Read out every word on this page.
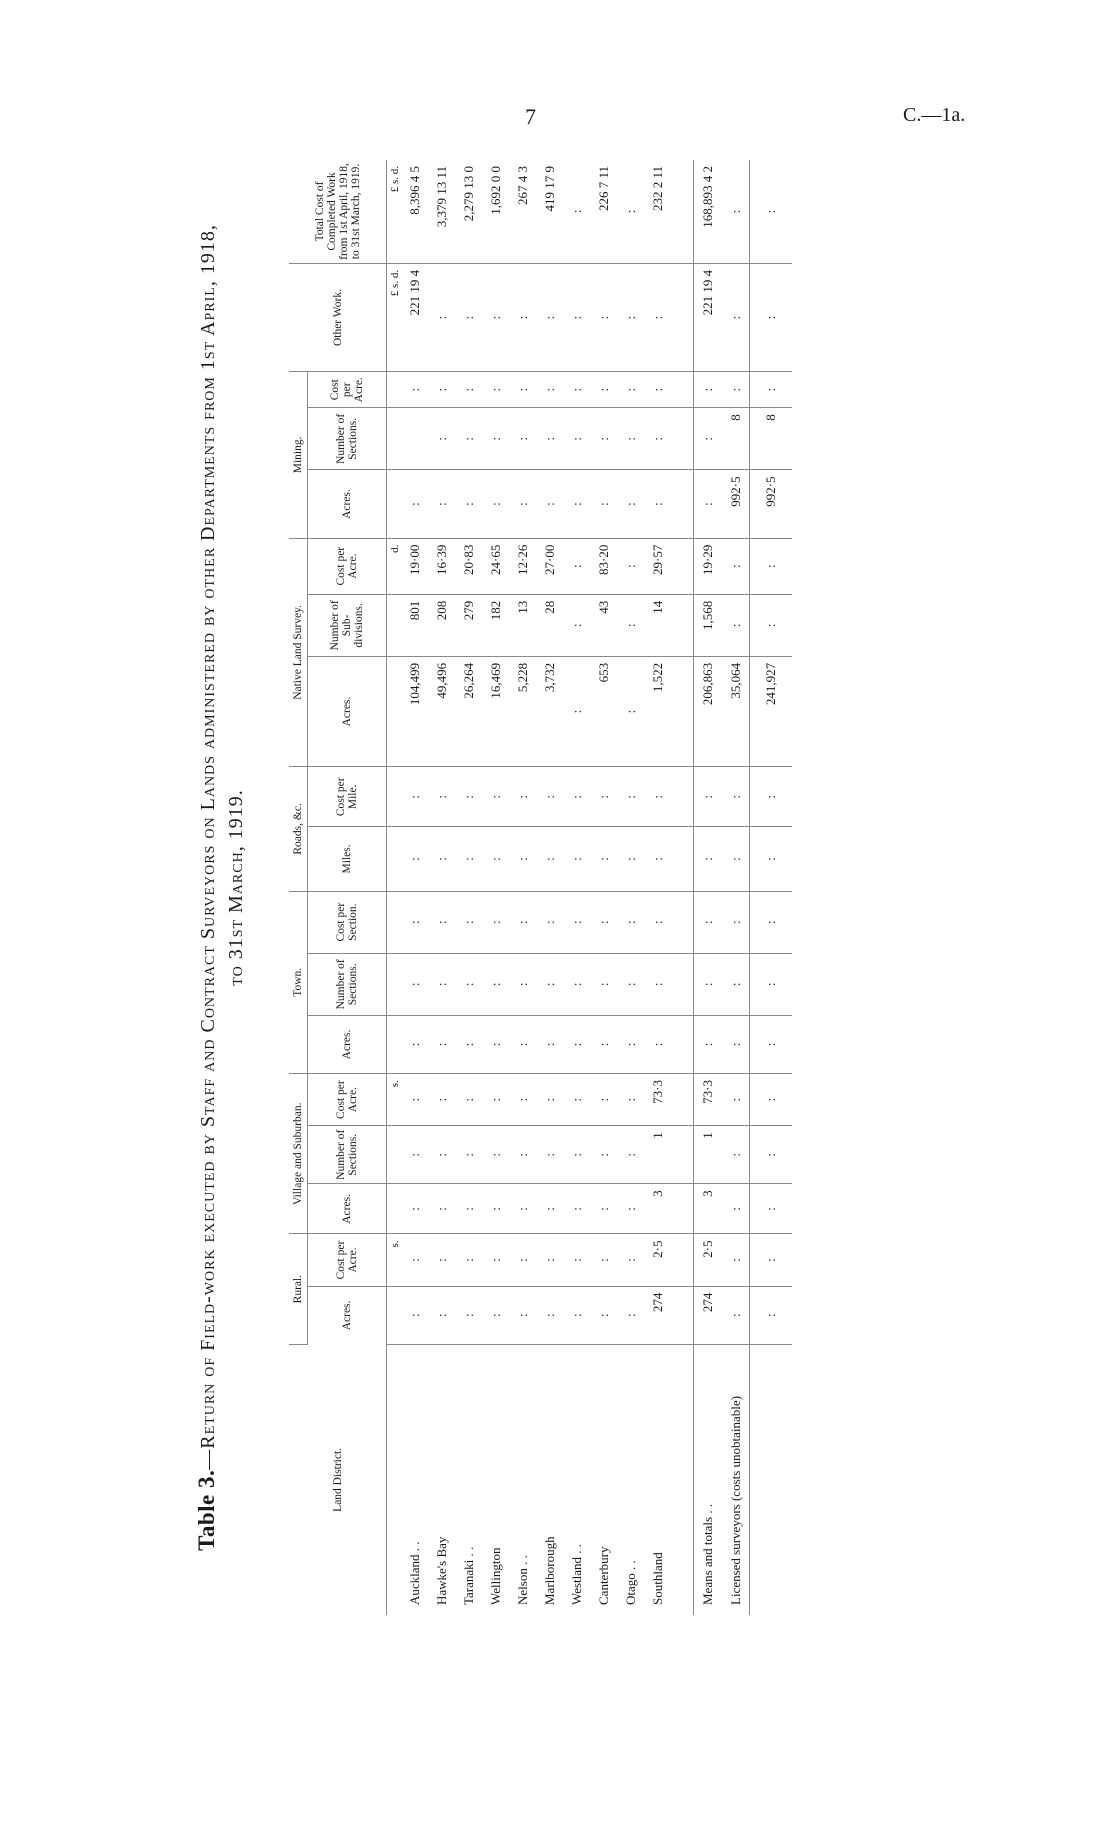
7	C.—1a.
Table 3.—Return of Field-work executed by Staff and Contract Surveyors on Lands administered by other Departments from 1st April, 1918, to 31st March, 1919.
Land District.	Rural.		Village and Suburban.			Town.			Roads, &c.		Native Land Survey.			Mining.			Other Work.	Total Cost of Completed Work from 1st April, 1918, to 31st March, 1919.
	Acres.	Cost per Acre.	Acres.	Number of Sections.	Cost per Acre.	Acres.	Number of Sections.	Cost per Section.	Miles.	Cost per Mile.	Acres.	Number of Sub-divisions.	Cost per Acre.	Acres.	Number of Sections.	Cost per Acre.		
		s.			s.								d.				£ s. d.	£ s. d.
Auckland . .	:	:	:	:	:	:	:	:	:	:	104,499	801	19·00	:		:	221 19 4	8,396 4 5
Hawke's Bay	:	:	:	:	:	:	:	:	:	:	49,496	208	16·39	:	:	:	:	3,379 13 11
Taranaki . .	:	:	:	:	:	:	:	:	:	:	26,264	279	20·83	:	:	:	:	2,279 13 0
Wellington	:	:	:	:	:	:	:	:	:	:	16,469	182	24·65	:	:	:	:	1,692 0 0
Nelson . .	:	:	:	:	:	:	:	:	:	:	5,228	13	12·26	:	:	:	:	267 4 3
Marlborough	:	:	:	:	:	:	:	:	:	:	3,732	28	27·00	:	:	:	:	419 17 9
Westland . .	:	:	:	:	:	:	:	:	:	:	:	:	:	:	:	:	:	:
Canterbury	:	:	:	:	:	:	:	:	:	:	653	43	83·20	:	:	:	:	226 7 11
Otago . .	:	:	:	:	:	:	:	:	:	:	:	:	:	:	:	:	:	:
Southland	274	2·5	3	1	73·3	:	:	:	:	:	1,522	14	29·57	:	:	:	:	232 2 11

Means and totals . .	274	2·5	3	1	73·3	:	:	:	:	:	206,863	1,568	19·29	:	:	:	221 19 4	168,893 4 2
Licensed surveyors (costs unobtainable)	:	:	:	:	:	:	:	:	:	:	35,064	:	:	992·5	8	:	:	:
	:	:	:	:	:	:	:	:	:	:	241,927	:	:	992·5	8	:	:	:
